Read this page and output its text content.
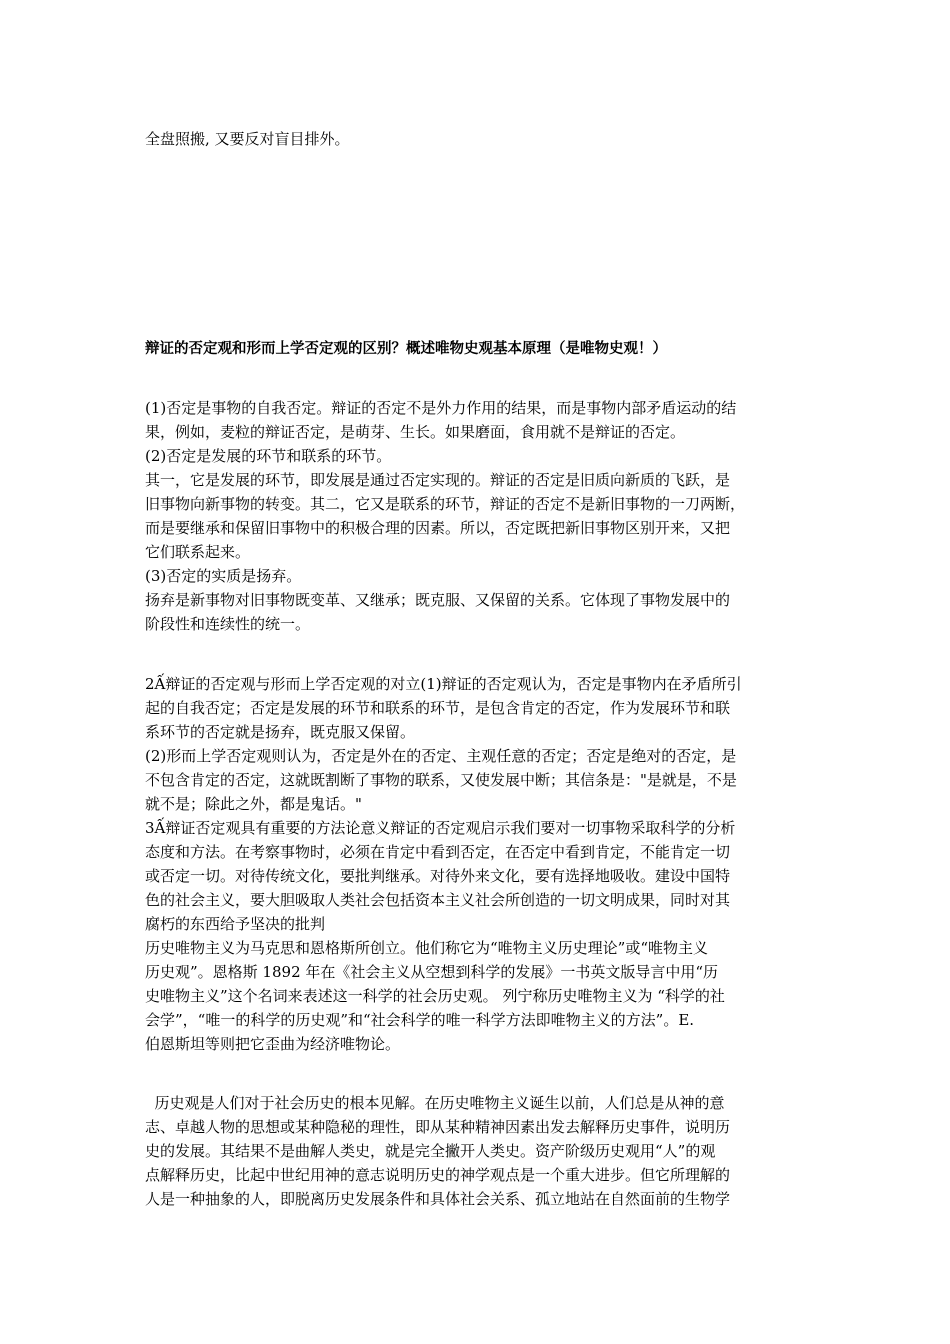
全盘照搬, 又要反对盲目排外。
辩证的否定观和形而上学否定观的区别？概述唯物史观基本原理（是唯物史观！）
(1)否定是事物的自我否定。辩证的否定不是外力作用的结果，而是事物内部矛盾运动的结
果，例如，麦粒的辩证否定，是萌芽、生长。如果磨面，食用就不是辩证的否定。
(2)否定是发展的环节和联系的环节。
其一，它是发展的环节，即发展是通过否定实现的。辩证的否定是旧质向新质的飞跃，是
旧事物向新事物的转变。其二，它又是联系的环节，辩证的否定不是新旧事物的一刀两断，
而是要继承和保留旧事物中的积极合理的因素。所以，否定既把新旧事物区别开来，又把
它们联系起来。
(3)否定的实质是扬弃。
扬弃是新事物对旧事物既变革、又继承；既克服、又保留的关系。它体现了事物发展中的
阶段性和连续性的统一。
2Ấ辩证的否定观与形而上学否定观的对立(1)辩证的否定观认为，否定是事物内在矛盾所引
起的自我否定；否定是发展的环节和联系的环节，是包含肯定的否定，作为发展环节和联
系环节的否定就是扬弃，既克服又保留。
(2)形而上学否定观则认为，否定是外在的否定、主观任意的否定；否定是绝对的否定，是
不包含肯定的否定，这就既割断了事物的联系，又使发展中断；其信条是："是就是，不是
就不是；除此之外，都是鬼话。"
3Ấ辩证否定观具有重要的方法论意义辩证的否定观启示我们要对一切事物采取科学的分析
态度和方法。在考察事物时，必须在肯定中看到否定，在否定中看到肯定，不能肯定一切
或否定一切。对待传统文化，要批判继承。对待外来文化，要有选择地吸收。建设中国特
色的社会主义，要大胆吸取人类社会包括资本主义社会所创造的一切文明成果，同时对其
腐朽的东西给予坚决的批判
历史唯物主义为马克思和恩格斯所创立。他们称它为“唯物主义历史理论”或“唯物主义
历史观”。恩格斯 1892 年在《社会主义从空想到科学的发展》一书英文版导言中用“历
史唯物主义”这个名词来表述这一科学的社会历史观。 列宁称历史唯物主义为 “科学的社
会学”，“唯一的科学的历史观”和“社会科学的唯一科学方法即唯物主义的方法”。E.
伯恩斯坦等则把它歪曲为经济唯物论。
历史观是人们对于社会历史的根本见解。在历史唯物主义诞生以前，人们总是从神的意
志、卓越人物的思想或某种隐秘的理性，即从某种精神因素出发去解释历史事件，说明历
史的发展。其结果不是曲解人类史，就是完全撇开人类史。资产阶级历史观用“人”的观
点解释历史，比起中世纪用神的意志说明历史的神学观点是一个重大进步。但它所理解的
人是一种抽象的人，即脱离历史发展条件和具体社会关系、孤立地站在自然面前的生物学
